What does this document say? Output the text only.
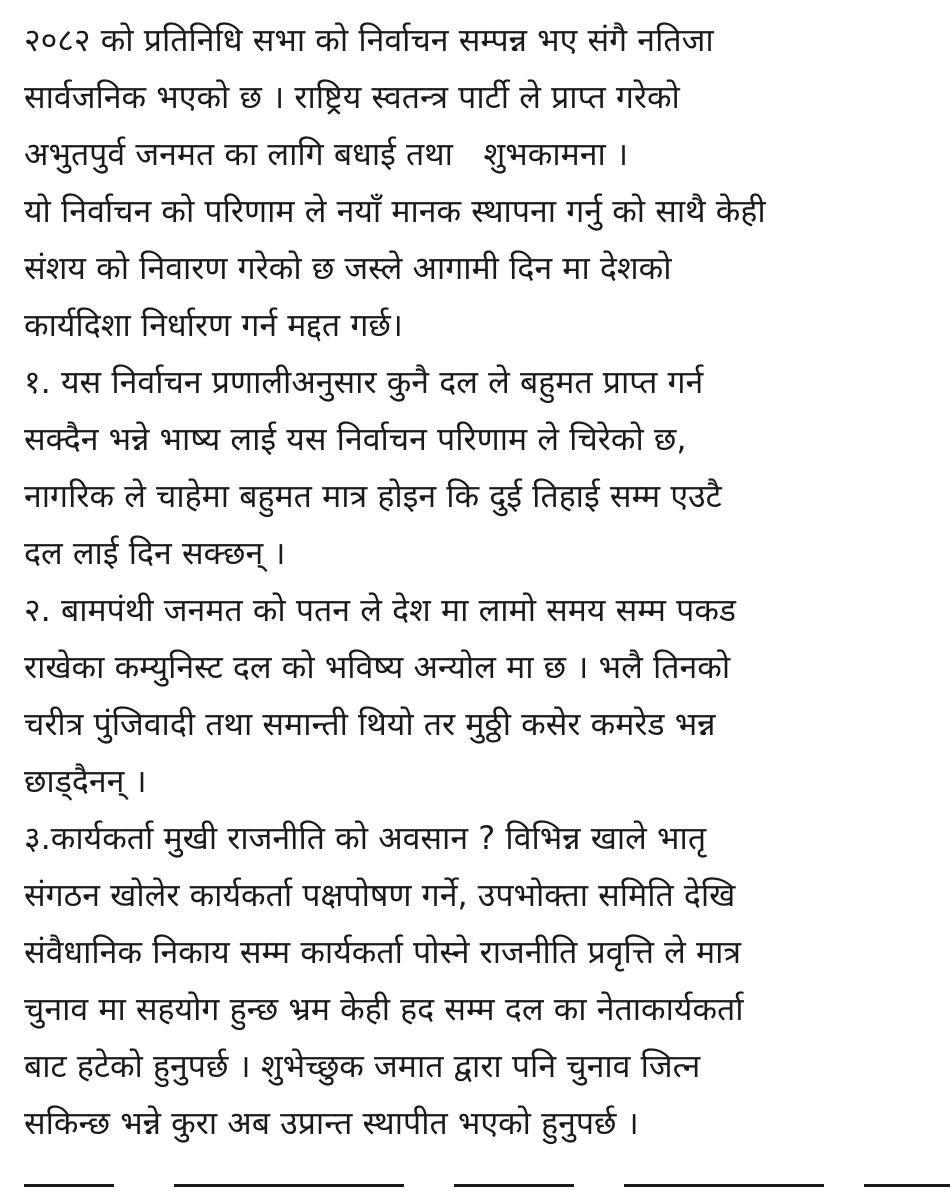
२०८२ को प्रतिनिधि सभा को निर्वाचन सम्पन्न भए संगै नतिजा
सार्वजनिक भएको छ । राष्ट्रिय स्वतन्त्र पार्टी ले प्राप्त गरेको
अभुतपुर्व जनमत का लागि बधाई तथा   शुभकामना ।
यो निर्वाचन को परिणाम ले नयाँ मानक स्थापना गर्नु को साथै केही
संशय को निवारण गरेको छ जस्ले आगामी दिन मा देशको
कार्यदिशा निर्धारण गर्न मद्दत गर्छ।
१. यस निर्वाचन प्रणालीअनुसार कुनै दल ले बहुमत प्राप्त गर्न
सक्दैन भन्ने भाष्य लाई यस निर्वाचन परिणाम ले चिरेको छ,
नागरिक ले चाहेमा बहुमत मात्र होइन कि दुई तिहाई सम्म एउटै
दल लाई दिन सक्छन् ।
२. बामपंथी जनमत को पतन ले देश मा लामो समय सम्म पकड
राखेका कम्युनिस्ट दल को भविष्य अन्योल मा छ । भलै तिनको
चरीत्र पुंजिवादी तथा समान्ती थियो तर मुठ्ठी कसेर कमरेड भन्न
छाड्दैनन् ।
३.कार्यकर्ता मुखी राजनीति को अवसान ? विभिन्न खाले भातृ
संगठन खोलेर कार्यकर्ता पक्षपोषण गर्ने, उपभोक्ता समिति देखि
संवैधानिक निकाय सम्म कार्यकर्ता पोस्ने राजनीति प्रवृत्ति ले मात्र
चुनाव मा सहयोग हुन्छ भ्रम केही हद सम्म दल का नेताकार्यकर्ता
बाट हटेको हुनुपर्छ । शुभेच्छुक जमात द्वारा पनि चुनाव जित्न
सकिन्छ भन्ने कुरा अब उप्रान्त स्थापीत भएको हुनुपर्छ ।
